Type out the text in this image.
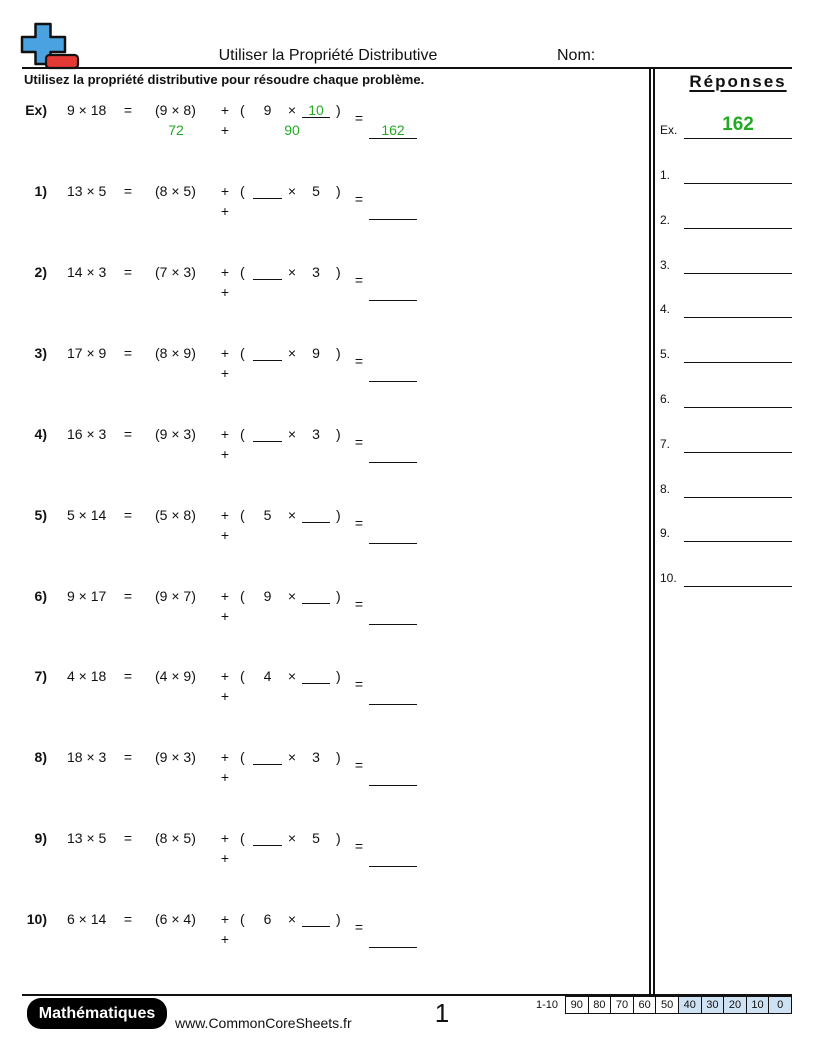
Utiliser la Propriété Distributive	Nom:
Utilisez la propriété distributive pour résoudre chaque problème.
Ex) 9 × 18 = (9 × 8) + (	9	× 10 )
+
72	90
=
162
1) 13 × 5 = (8 × 5) + (	×	5	)
+
=
2) 14 × 3 = (7 × 3) + (	×	3	)
+
=
3) 17 × 9 = (8 × 9) + (	×	9	)
+
=
4) 16 × 3 = (9 × 3) + (	×	3	)
+
=
5) 5 × 14 = (5 × 8) + (	5	×	)
+
=
6) 9 × 17 = (9 × 7) + (	9	×	)
+
=
7) 4 × 18 = (4 × 9) + (	4	×	)
+
=
8) 18 × 3 = (9 × 3) + (	×	3	)
+
=
9) 13 × 5 = (8 × 5) + (	×	5	)
+
=
10) 6 × 14 = (6 × 4) + (	6	×	)
+
=
Réponses
Ex.	162
1.
2.
3.
4.
5.
6.
7.
8.
9.
10.
Mathématiques
www.CommonCoreSheets.fr	1	1-10	90 80 70 60 50 40 30 20 10	0
